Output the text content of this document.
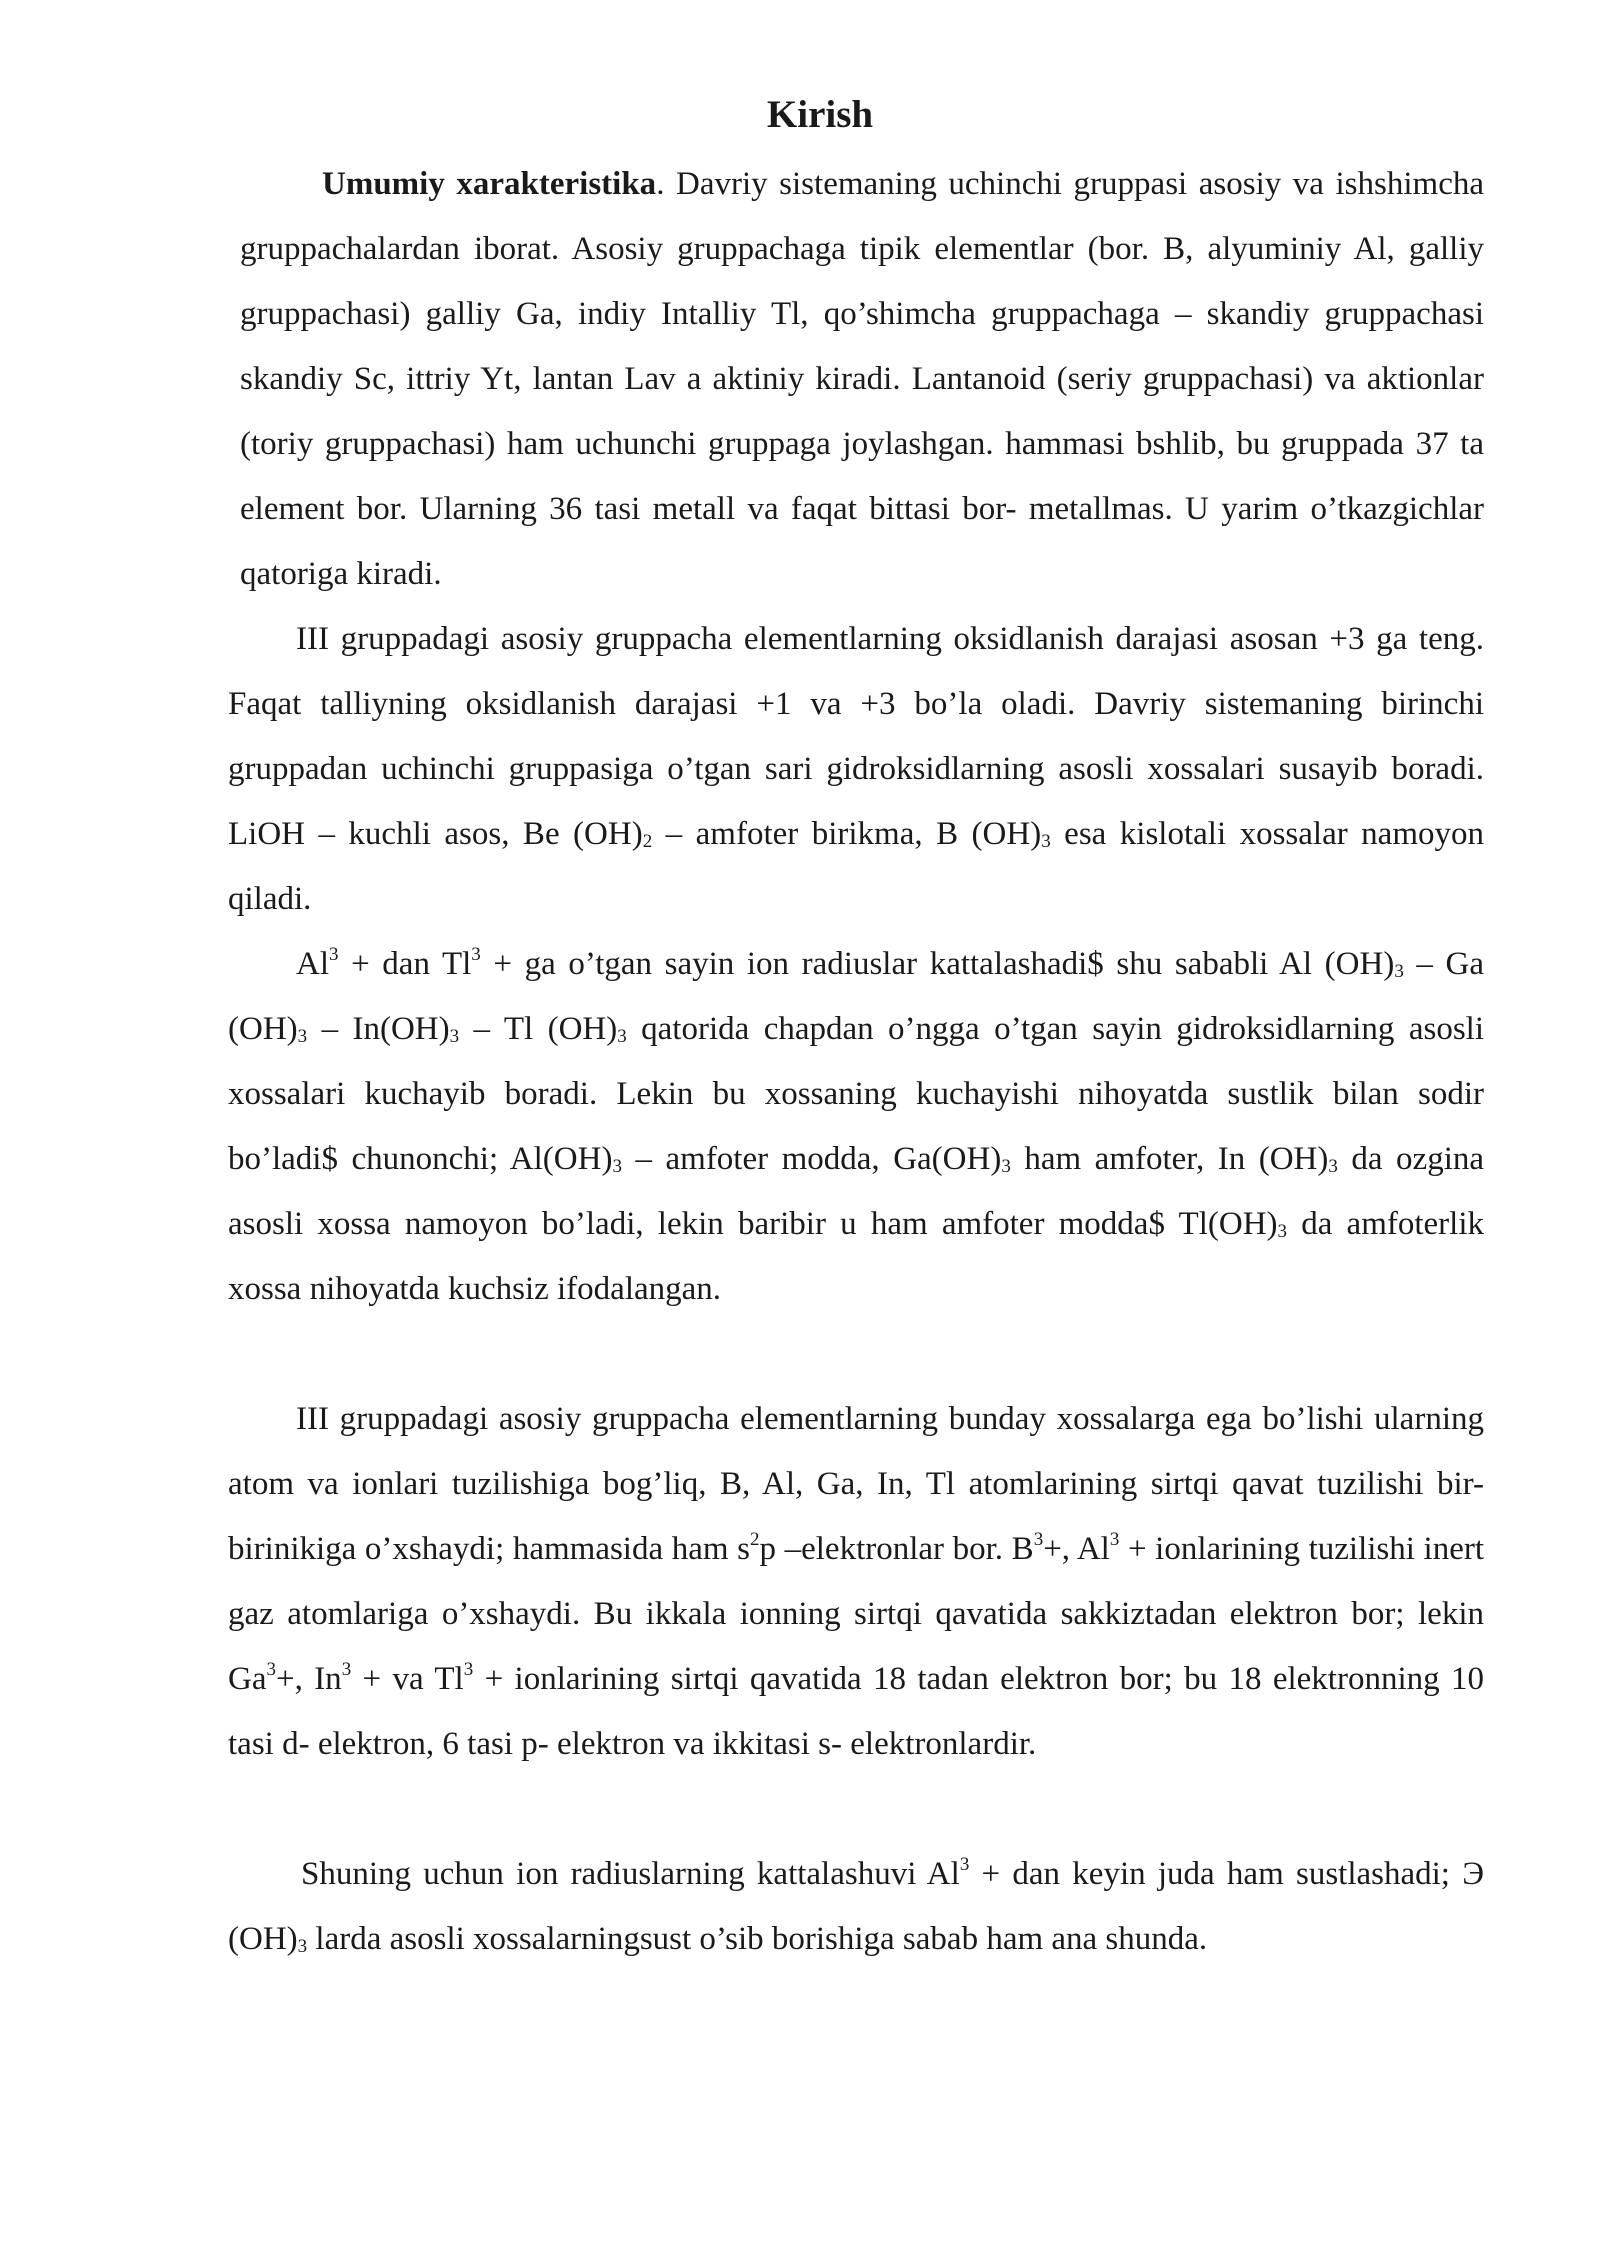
Kirish

Umumiy xarakteristika. Davriy sistemaning uchinchi gruppasi asosiy va ishshimcha gruppachalardan iborat. Asosiy gruppachaga tipik elementlar (bor. B, alyuminiy Al, galliy gruppachasi) galliy Ga, indiy Intalliy Tl, qo’shimcha gruppachaga – skandiy gruppachasi skandiy Sc, ittriy Yt, lantan Lav a aktiniy kiradi. Lantanoid (seriy gruppachasi) va aktionlar (toriy gruppachasi) ham uchunchi gruppaga joylashgan. hammasi bshlib, bu gruppada 37 ta element bor. Ularning 36 tasi metall va faqat bittasi bor- metallmas. U yarim o’tkazgichlar qatoriga kiradi.

III gruppadagi asosiy gruppacha elementlarning oksidlanish darajasi asosan +3 ga teng. Faqat talliyning oksidlanish darajasi +1 va +3 bo’la oladi. Davriy sistemaning birinchi gruppadan uchinchi gruppasiga o’tgan sari gidroksidlarning asosli xossalari susayib boradi. LiOH – kuchli asos, Be $(OH)_2$ – amfoter birikma, B $(OH)_3$ esa kislotali xossalar namoyon qiladi.

$Al^3$ + dan $Tl^3$ + ga o’tgan sayin ion radiuslar kattalashadi$ shu sababli Al $(OH)_3$ – Ga $(OH)_3 - In(OH)_3$ – Tl $(OH)_3$ qatorida chapdan o’ngga o’tgan sayin gidroksidlarning asosli xossalari kuchayib boradi. Lekin bu xossaning kuchayishi nihoyatda sustlik bilan sodir bo’ladi$ chunonchi; $Al(OH)_3$ – amfoter modda, $Ga(OH)_3$ ham amfoter, In $(OH)_3$ da ozgina asosli xossa namoyon bo’ladi, lekin baribir u ham amfoter modda$ $Tl(OH)_3$ da amfoterlik xossa nihoyatda kuchsiz ifodalangan.

III gruppadagi asosiy gruppacha elementlarning bunday xossalarga ega bo’lishi ularning atom va ionlari tuzilishiga bog’liq, B, Al, Ga, In, Tl atomlarining sirtqi qavat tuzilishi bir- birinikiga o’xshaydi; hammasida ham $s^2p$ –elektronlar bor. $B^3+$, $Al^3$ + ionlarining tuzilishi inert gaz atomlariga o’xshaydi. Bu ikkala ionning sirtqi qavatida sakkiztadan elektron bor; lekin $Ga^3+$, $In^3$ + va $Tl^3$ + ionlarining sirtqi qavatida 18 tadan elektron bor; bu 18 elektronning 10 tasi d- elektron, 6 tasi p- elektron va ikkitasi s- elektronlardir.

Shuning uchun ion radiuslarning kattalashuvi $Al^3$ + dan keyin juda ham sustlashadi; Э $(OH)_3$ larda asosli xossalarningsust o’sib borishiga sabab ham ana shunda.
